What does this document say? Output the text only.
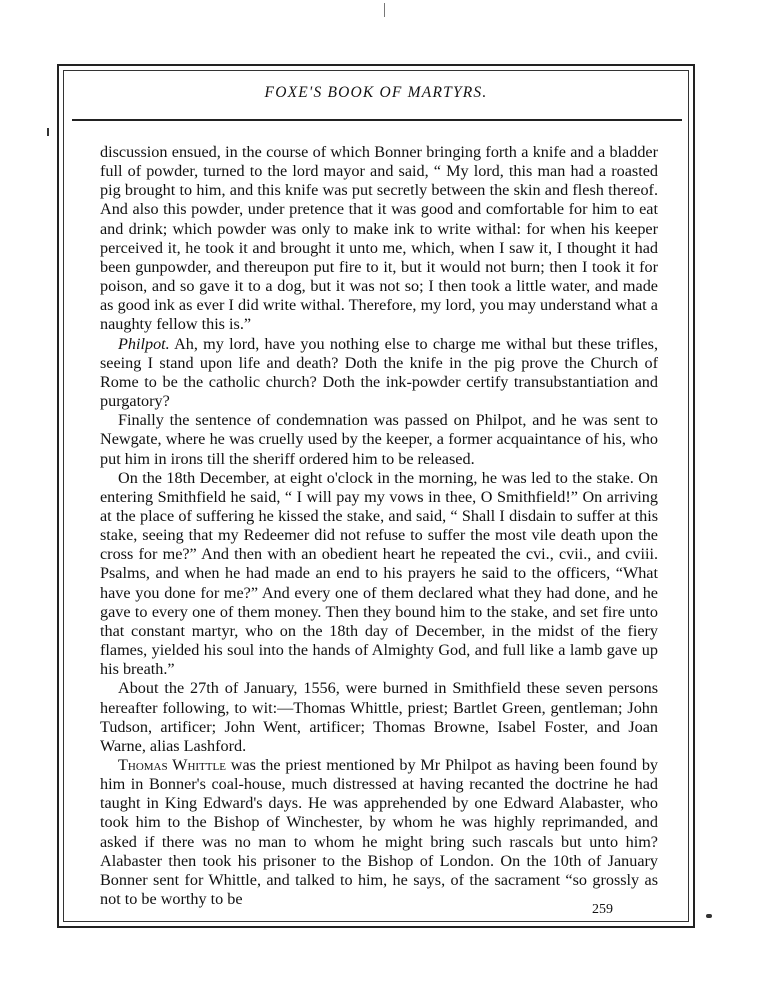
FOXE'S BOOK OF MARTYRS.

discussion ensued, in the course of which Bonner bringing forth a knife and a bladder full of powder, turned to the lord mayor and said, “ My lord, this man had a roasted pig brought to him, and this knife was put secretly between the skin and flesh thereof. And also this powder, under pretence that it was good and comfortable for him to eat and drink; which powder was only to make ink to write withal: for when his keeper perceived it, he took it and brought it unto me, which, when I saw it, I thought it had been gunpowder, and thereupon put fire to it, but it would not burn; then I took it for poison, and so gave it to a dog, but it was not so; I then took a little water, and made as good ink as ever I did write withal. Therefore, my lord, you may understand what a naughty fellow this is.”

Philpot. Ah, my lord, have you nothing else to charge me withal but these trifles, seeing I stand upon life and death? Doth the knife in the pig prove the Church of Rome to be the catholic church? Doth the ink-powder certify transubstantiation and purgatory?

Finally the sentence of condemnation was passed on Philpot, and he was sent to Newgate, where he was cruelly used by the keeper, a former acquaintance of his, who put him in irons till the sheriff ordered him to be released.

On the 18th December, at eight o'clock in the morning, he was led to the stake. On entering Smithfield he said, “ I will pay my vows in thee, O Smithfield!” On arriving at the place of suffering he kissed the stake, and said, “ Shall I disdain to suffer at this stake, seeing that my Redeemer did not refuse to suffer the most vile death upon the cross for me?” And then with an obedient heart he repeated the cvi., cvii., and cviii. Psalms, and when he had made an end to his prayers he said to the officers, “What have you done for me?” And every one of them declared what they had done, and he gave to every one of them money. Then they bound him to the stake, and set fire unto that constant martyr, who on the 18th day of December, in the midst of the fiery flames, yielded his soul into the hands of Almighty God, and full like a lamb gave up his breath.”

About the 27th of January, 1556, were burned in Smithfield these seven persons hereafter following, to wit:—Thomas Whittle, priest; Bartlet Green, gentleman; John Tudson, artificer; John Went, artificer; Thomas Browne, Isabel Foster, and Joan Warne, alias Lashford.

Thomas Whittle was the priest mentioned by Mr Philpot as having been found by him in Bonner's coal-house, much distressed at having recanted the doctrine he had taught in King Edward's days. He was apprehended by one Edward Alabaster, who took him to the Bishop of Winchester, by whom he was highly reprimanded, and asked if there was no man to whom he might bring such rascals but unto him? Alabaster then took his prisoner to the Bishop of London. On the 10th of January Bonner sent for Whittle, and talked to him, he says, of the sacrament “so grossly as not to be worthy to be

259
